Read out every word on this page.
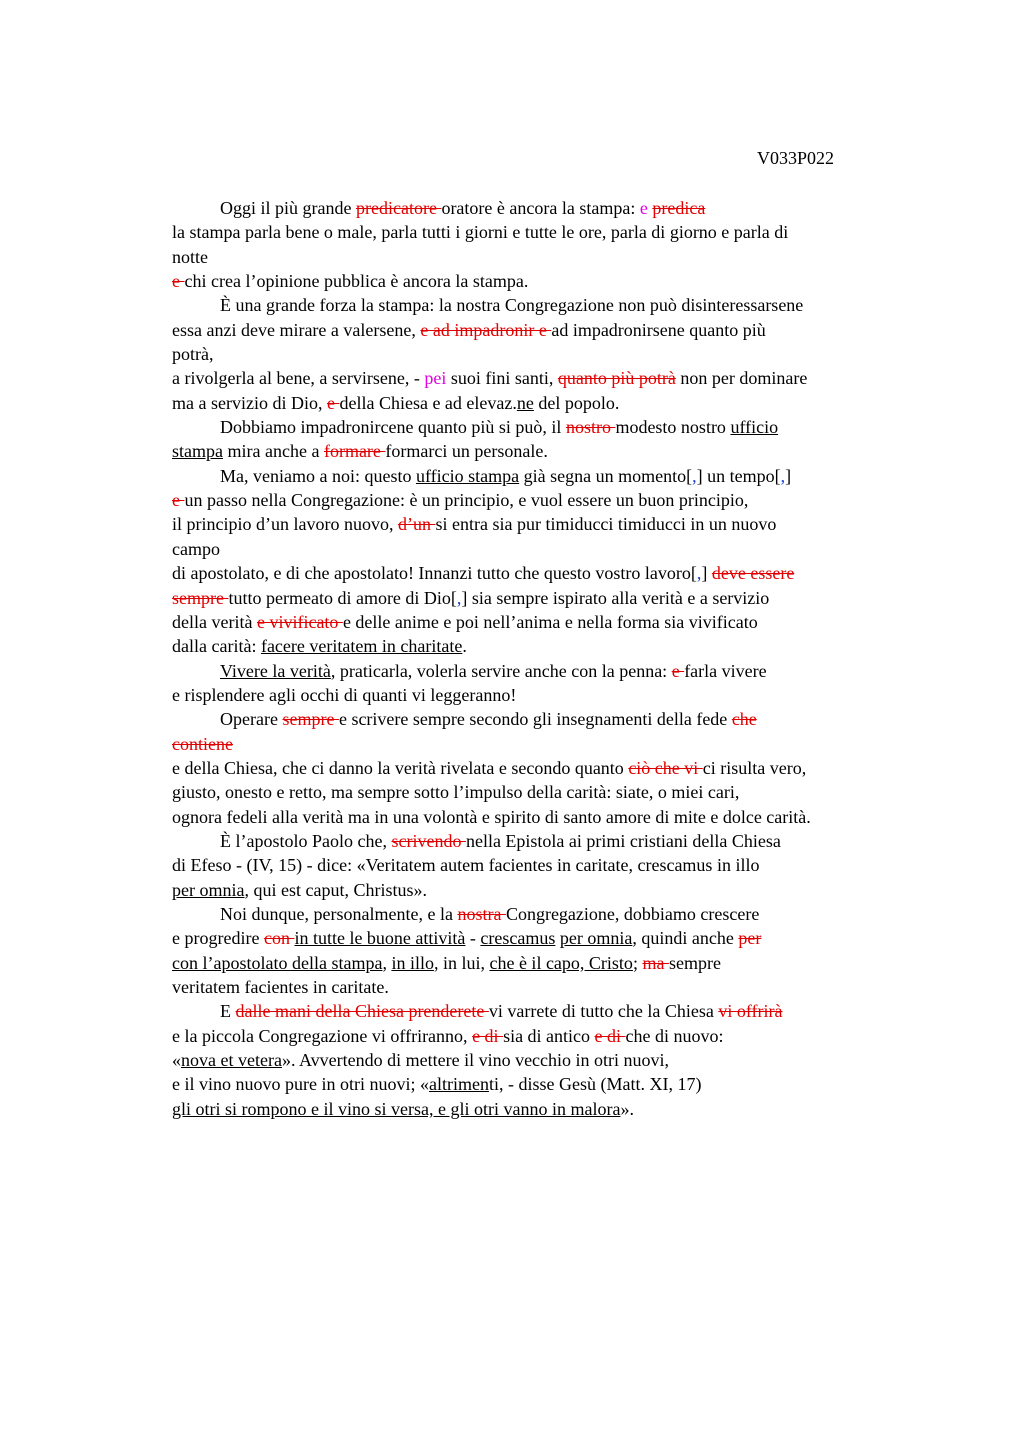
V033P022
Oggi il più grande predicatore oratore è ancora la stampa: e predica
la stampa parla bene o male, parla tutti i giorni e tutte le ore, parla di giorno e parla di
notte
e chi crea l’opinione pubblica è ancora la stampa.
È una grande forza la stampa: la nostra Congregazione non può disinteressarsene
essa anzi deve mirare a valersene, e ad impadronir e ad impadronirsene quanto più
potrà,
a rivolgerla al bene, a servirsene, - pei suoi fini santi, quanto più potrà non per dominare
ma a servizio di Dio, e della Chiesa e ad elevaz.ne del popolo.
Dobbiamo impadronircene quanto più si può, il nostro modesto nostro ufficio
stampa mira anche a formare formarci un personale.
Ma, veniamo a noi: questo ufficio stampa già segna un momento[,] un tempo[,]
e un passo nella Congregazione: è un principio, e vuol essere un buon principio,
il principio d’un lavoro nuovo, d’un si entra sia pur timiducci timiducci in un nuovo
campo
di apostolato, e di che apostolato! Innanzi tutto che questo vostro lavoro[,] deve essere
sempre tutto permeato di amore di Dio[,] sia sempre ispirato alla verità e a servizio
della verità e vivificato e delle anime e poi nell’anima e nella forma sia vivificato
dalla carità: facere veritatem in charitate.
Vivere la verità, praticarla, volerla servire anche con la penna: e farla vivere
e risplendere agli occhi di quanti vi leggeranno!
Operare sempre e scrivere sempre secondo gli insegnamenti della fede che
contiene
e della Chiesa, che ci danno la verità rivelata e secondo quanto ciò che vi ci risulta vero,
giusto, onesto e retto, ma sempre sotto l’impulso della carità: siate, o miei cari,
ognora fedeli alla verità ma in una volontà e spirito di santo amore di mite e dolce carità.
È l’apostolo Paolo che, scrivendo nella Epistola ai primi cristiani della Chiesa
di Efeso - (IV, 15) - dice: «Veritatem autem facientes in caritate, crescamus in illo
per omnia, qui est caput, Christus».
Noi dunque, personalmente, e la nostra Congregazione, dobbiamo crescere
e progredire con in tutte le buone attività - crescamus per omnia, quindi anche per
con l’apostolato della stampa, in illo, in lui, che è il capo, Cristo; ma sempre
veritatem facientes in caritate.
E dalle mani della Chiesa prenderete vi varrete di tutto che la Chiesa vi offrirà
e la piccola Congregazione vi offriranno, e di sia di antico e di che di nuovo:
«nova et vetera». Avvertendo di mettere il vino vecchio in otri nuovi,
e il vino nuovo pure in otri nuovi; «altrimenti, - disse Gesù (Matt. XI, 17)
gli otri si rompono e il vino si versa, e gli otri vanno in malora».
